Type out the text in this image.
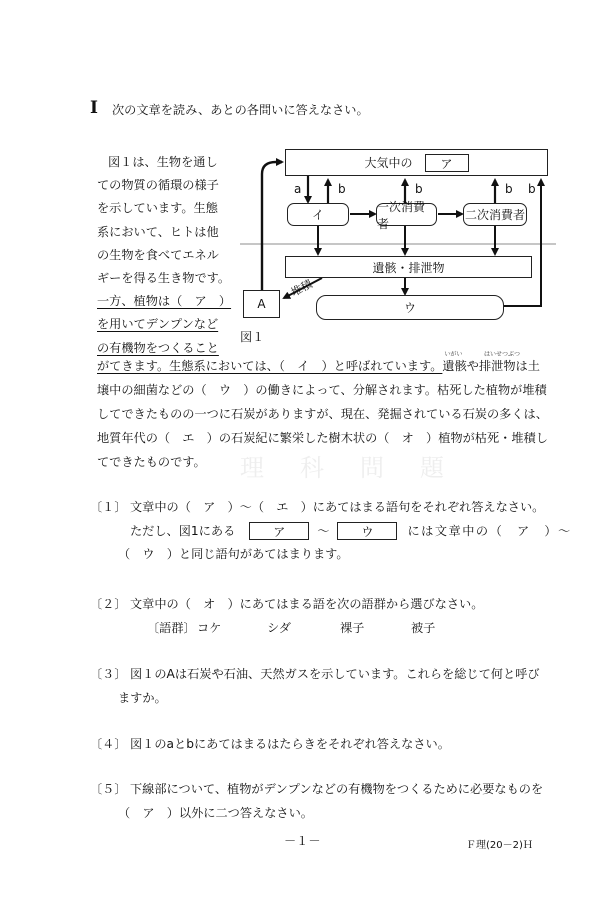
理　科　問　題
I 次の文章を読み、あとの各問いに答えなさい。
図１は、生物を通し
ての物質の循環の様子
を示しています。生態
系において、ヒトは他
の生物を食べてエネル
ギーを得る生き物です。
一方、植物は（　ア　）
を用いてデンプンなど
の有機物をつくること
大気中の	ア
イ
一次消費者
二次消費者
遺骸・排泄物
ウ
A
a	b	b	b b
堆積
図１
がてきます。生態系においては、（　イ　）と呼ばれています。
いがい
遺骸や
はいせつぶつ
排泄物は土
壌中の細菌などの（　ウ　）の働きによって、分解されます。枯死した植物が堆積
してできたものの一つに石炭がありますが、現在、発掘されている石炭の多くは、
地質年代の（　エ　）の石炭紀に繁栄した樹木状の（　オ　）植物が枯死・堆積し
てできたものです。
〔１〕 文章中の（　ア　）～（　エ　）にあてはまる語句をそれぞれ答えなさい。
ただし、図1にある	ア	～	ウ	には文章中の（　ア　）～
（　ウ　）と同じ語句があてはまります。
〔２〕 文章中の（　オ　）にあてはまる語を次の語群から選びなさい。
〔語群〕 コケ	シダ	裸子	被子
〔３〕 図１のAは石炭や石油、天然ガスを示しています。これらを総じて何と呼び
ますか。
〔４〕 図１のaとbにあてはまるはたらきをそれぞれ答えなさい。
〔５〕 下線部について、植物がデンプンなどの有機物をつくるために必要なものを
（　ア　）以外に二つ答えなさい。
－１－	Ｆ理(20－2)Ｈ
